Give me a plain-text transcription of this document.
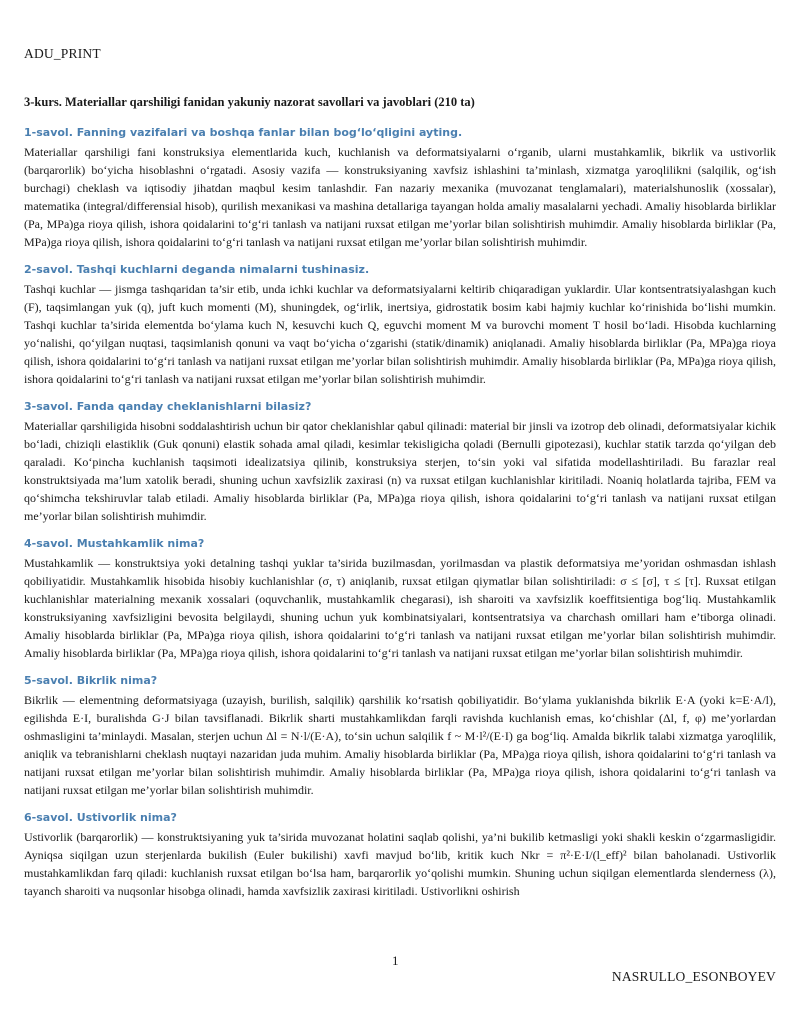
ADU_PRINT
3-kurs. Materiallar qarshiligi fanidan yakuniy nazorat savollari va javoblari (210 ta)
1-savol. Fanning vazifalari va boshqa fanlar bilan bog‘lo‘qligini ayting.

Materiallar qarshiligi fani konstruksiya elementlarida kuch, kuchlanish va deformatsiyalarni o‘rganib, ularni mustahkamlik, bikrlik va ustivorlik (barqarorlik) bo‘yicha hisoblashni o‘rgatadi. Asosiy vazifa — konstruksiyaning xavfsiz ishlashini ta’minlash, xizmatga yaroqlilikni (salqilik, og‘ish burchagi) cheklash va iqtisodiy jihatdan maqbul kesim tanlashdir. Fan nazariy mexanika (muvozanat tenglamalari), materialshunoslik (xossalar), matematika (integral/differensial hisob), qurilish mexanikasi va mashina detallariga tayangan holda amaliy masalalarni yechadi. Amaliy hisoblarda birliklar (Pa, MPa)ga rioya qilish, ishora qoidalarini to‘g‘ri tanlash va natijani ruxsat etilgan me’yorlar bilan solishtirish muhimdir. Amaliy hisoblarda birliklar (Pa, MPa)ga rioya qilish, ishora qoidalarini to‘g‘ri tanlash va natijani ruxsat etilgan me’yorlar bilan solishtirish muhimdir.

2-savol. Tashqi kuchlarni deganda nimalarni tushinasiz.

Tashqi kuchlar — jismga tashqaridan ta’sir etib, unda ichki kuchlar va deformatsiyalarni keltirib chiqaradigan yuklardir. Ular kontsentratsiyalashgan kuch (F), taqsimlangan yuk (q), juft kuch momenti (M), shuningdek, og‘irlik, inertsiya, gidrostatik bosim kabi hajmiy kuchlar ko‘rinishida bo‘lishi mumkin. Tashqi kuchlar ta’sirida elementda bo‘ylama kuch N, kesuvchi kuch Q, eguvchi moment M va burovchi moment T hosil bo‘ladi. Hisobda kuchlarning yo‘nalishi, qo‘yilgan nuqtasi, taqsimlanish qonuni va vaqt bo‘yicha o‘zgarishi (statik/dinamik) aniqlanadi. Amaliy hisoblarda birliklar (Pa, MPa)ga rioya qilish, ishora qoidalarini to‘g‘ri tanlash va natijani ruxsat etilgan me’yorlar bilan solishtirish muhimdir. Amaliy hisoblarda birliklar (Pa, MPa)ga rioya qilish, ishora qoidalarini to‘g‘ri tanlash va natijani ruxsat etilgan me’yorlar bilan solishtirish muhimdir.

3-savol. Fanda qanday cheklanishlarni bilasiz?

Materiallar qarshiligida hisobni soddalashtirish uchun bir qator cheklanishlar qabul qilinadi: material bir jinsli va izotrop deb olinadi, deformatsiyalar kichik bo‘ladi, chiziqli elastiklik (Guk qonuni) elastik sohada amal qiladi, kesimlar tekisligicha qoladi (Bernulli gipotezasi), kuchlar statik tarzda qo‘yilgan deb qaraladi. Ko‘pincha kuchlanish taqsimoti idealizatsiya qilinib, konstruksiya sterjen, to‘sin yoki val sifatida modellashtiriladi. Bu farazlar real konstruktsiyada ma’lum xatolik beradi, shuning uchun xavfsizlik zaxirasi (n) va ruxsat etilgan kuchlanishlar kiritiladi. Noaniq holatlarda tajriba, FEM va qo‘shimcha tekshiruvlar talab etiladi. Amaliy hisoblarda birliklar (Pa, MPa)ga rioya qilish, ishora qoidalarini to‘g‘ri tanlash va natijani ruxsat etilgan me’yorlar bilan solishtirish muhimdir.

4-savol. Mustahkamlik nima?

Mustahkamlik — konstruktsiya yoki detalning tashqi yuklar ta’sirida buzilmasdan, yorilmasdan va plastik deformatsiya me’yoridan oshmasdan ishlash qobiliyatidir. Mustahkamlik hisobida hisobiy kuchlanishlar (σ, τ) aniqlanib, ruxsat etilgan qiymatlar bilan solishtiriladi: σ ≤ [σ], τ ≤ [τ]. Ruxsat etilgan kuchlanishlar materialning mexanik xossalari (oquvchanlik, mustahkamlik chegarasi), ish sharoiti va xavfsizlik koeffitsientiga bog‘liq. Mustahkamlik konstruksiyaning xavfsizligini bevosita belgilaydi, shuning uchun yuk kombinatsiyalari, kontsentratsiya va charchash omillari ham e’tiborga olinadi. Amaliy hisoblarda birliklar (Pa, MPa)ga rioya qilish, ishora qoidalarini to‘g‘ri tanlash va natijani ruxsat etilgan me’yorlar bilan solishtirish muhimdir. Amaliy hisoblarda birliklar (Pa, MPa)ga rioya qilish, ishora qoidalarini to‘g‘ri tanlash va natijani ruxsat etilgan me’yorlar bilan solishtirish muhimdir.

5-savol. Bikrlik nima?

Bikrlik — elementning deformatsiyaga (uzayish, burilish, salqilik) qarshilik ko‘rsatish qobiliyatidir. Bo‘ylama yuklanishda bikrlik E·A (yoki k=E·A/l), egilishda E·I, buralishda G·J bilan tavsiflanadi. Bikrlik sharti mustahkamlikdan farqli ravishda kuchlanish emas, ko‘chishlar (Δl, f, φ) me’yorlardan oshmasligini ta’minlaydi. Masalan, sterjen uchun Δl = N·l/(E·A), to‘sin uchun salqilik f ~ M·l²/(E·I) ga bog‘liq. Amalda bikrlik talabi xizmatga yaroqlilik, aniqlik va tebranishlarni cheklash nuqtayi nazaridan juda muhim. Amaliy hisoblarda birliklar (Pa, MPa)ga rioya qilish, ishora qoidalarini to‘g‘ri tanlash va natijani ruxsat etilgan me’yorlar bilan solishtirish muhimdir. Amaliy hisoblarda birliklar (Pa, MPa)ga rioya qilish, ishora qoidalarini to‘g‘ri tanlash va natijani ruxsat etilgan me’yorlar bilan solishtirish muhimdir.

6-savol. Ustivorlik nima?

Ustivorlik (barqarorlik) — konstruktsiyaning yuk ta’sirida muvozanat holatini saqlab qolishi, ya’ni bukilib ketmasligi yoki shakli keskin o‘zgarmasligidir. Ayniqsa siqilgan uzun sterjenlarda bukilish (Euler bukilishi) xavfi mavjud bo‘lib, kritik kuch Nkr = π²·E·I/(l_eff)² bilan baholanadi. Ustivorlik mustahkamlikdan farq qiladi: kuchlanish ruxsat etilgan bo‘lsa ham, barqarorlik yo‘qolishi mumkin. Shuning uchun siqilgan elementlarda slenderness (λ), tayanch sharoiti va nuqsonlar hisobga olinadi, hamda xavfsizlik zaxirasi kiritiladi. Ustivorlikni oshirish

1
NASRULLO_ESONBOYEV
